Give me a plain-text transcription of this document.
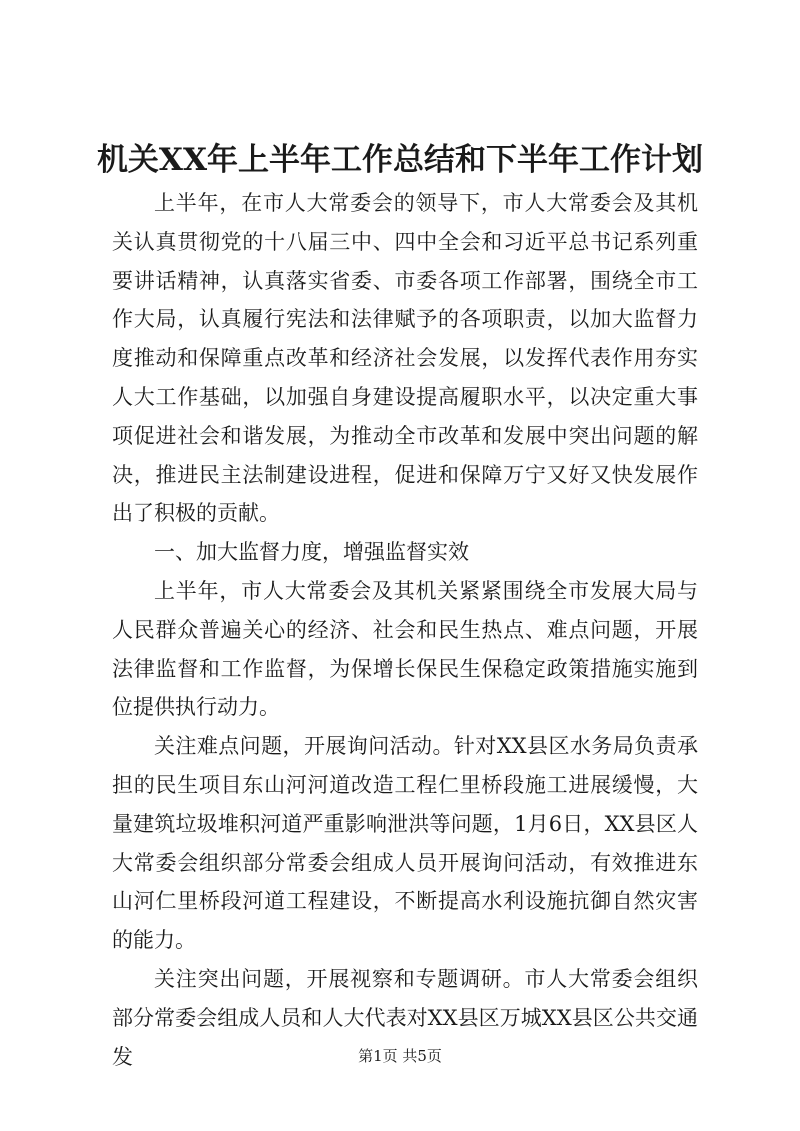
机关XX年上半年工作总结和下半年工作计划

上半年，在市人大常委会的领导下，市人大常委会及其机关认真贯彻党的十八届三中、四中全会和习近平总书记系列重要讲话精神，认真落实省委、市委各项工作部署，围绕全市工作大局，认真履行宪法和法律赋予的各项职责，以加大监督力度推动和保障重点改革和经济社会发展，以发挥代表作用夯实人大工作基础，以加强自身建设提高履职水平，以决定重大事项促进社会和谐发展，为推动全市改革和发展中突出问题的解决，推进民主法制建设进程，促进和保障万宁又好又快发展作出了积极的贡献。

一、加大监督力度，增强监督实效

上半年，市人大常委会及其机关紧紧围绕全市发展大局与人民群众普遍关心的经济、社会和民生热点、难点问题，开展法律监督和工作监督，为保增长保民生保稳定政策措施实施到位提供执行动力。

关注难点问题，开展询问活动。针对XX县区水务局负责承担的民生项目东山河河道改造工程仁里桥段施工进展缓慢，大量建筑垃圾堆积河道严重影响泄洪等问题，1月6日，XX县区人大常委会组织部分常委会组成人员开展询问活动，有效推进东山河仁里桥段河道工程建设，不断提高水利设施抗御自然灾害的能力。

关注突出问题，开展视察和专题调研。市人大常委会组织部分常委会组成人员和人大代表对XX县区万城XX县区公共交通发	第1页 共5页
